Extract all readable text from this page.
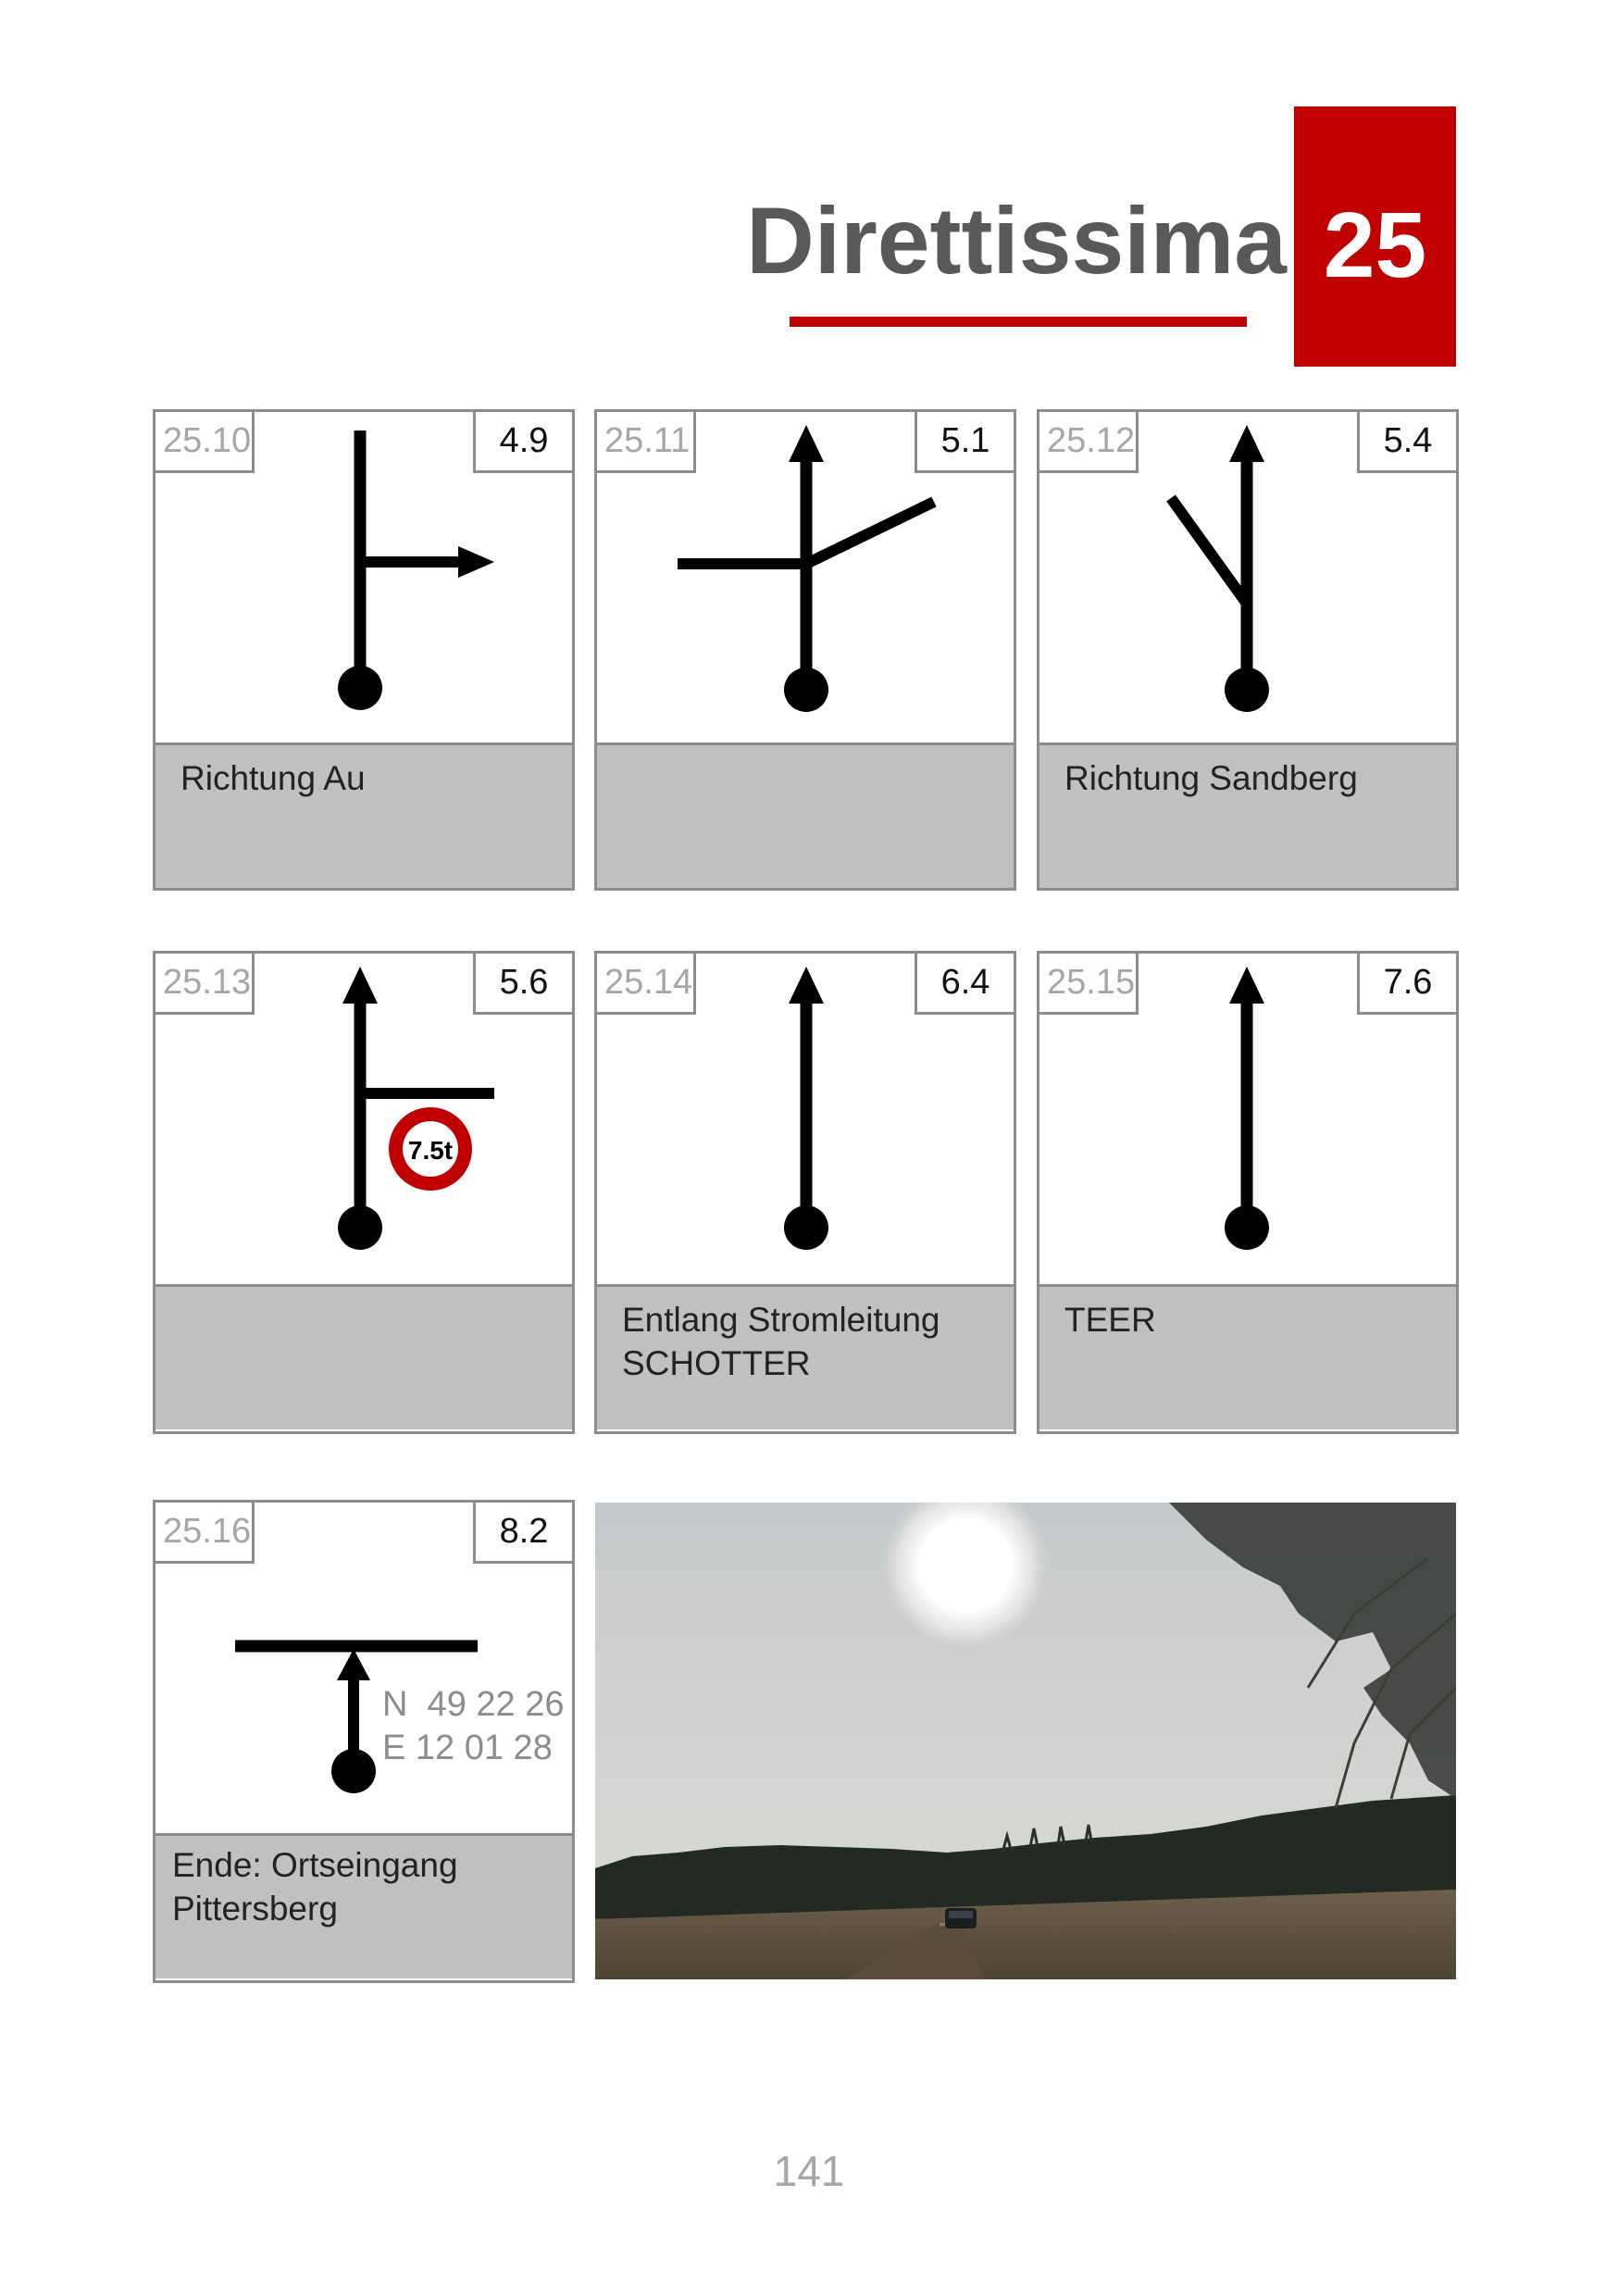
Direttissima 25
25.10	4.9
Richtung Au
25.11	5.1	25.12	5.4
Richtung Sandberg
7.5t
25.13	5.6	25.14	6.4
Entlang Stromleitung
SCHOTTER
25.15	7.6
TEER
N  49 22 26
E 12 01 28
25.16	8.2
Ende: Ortseingang
Pittersberg
141
